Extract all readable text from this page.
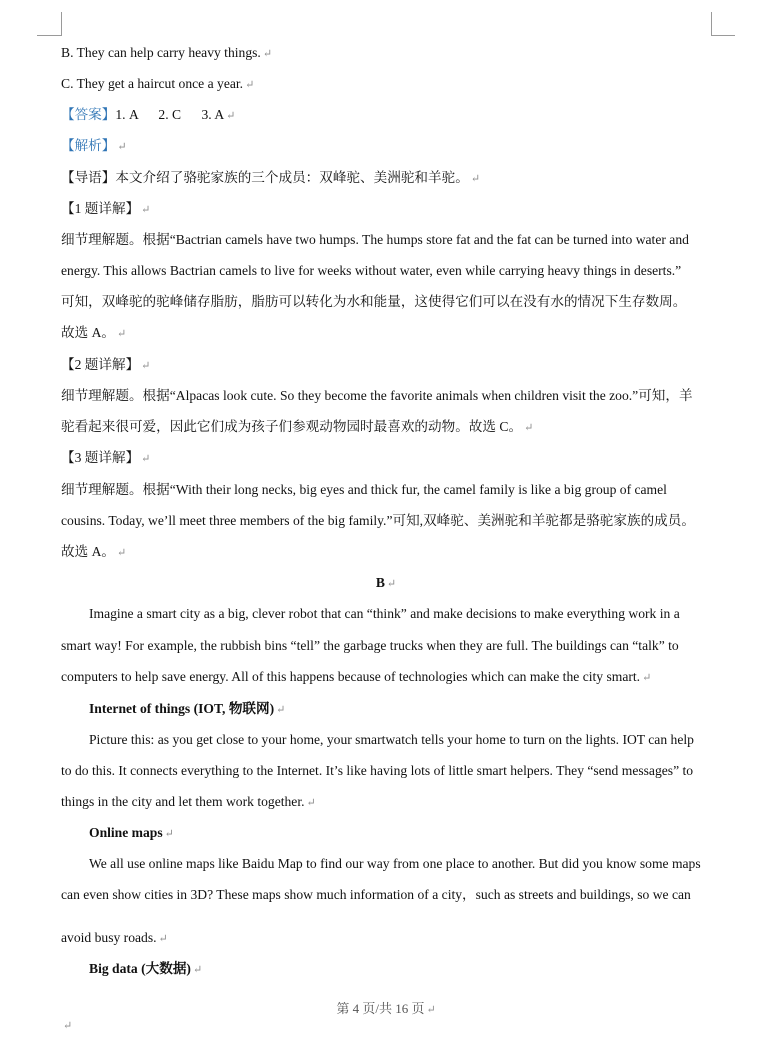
B. They can help carry heavy things. ↵
C. They get a haircut once a year. ↵
【答案】1. A      2. C      3. A ↵
【解析】 ↵
【导语】本文介绍了骆驼家族的三个成员：双峰驼、美洲驼和羊驼。 ↵
【1 题详解】 ↵
细节理解题。根据“Bactrian camels have two humps. The humps store fat and the fat can be turned into water and
energy. This allows Bactrian camels to live for weeks without water, even while carrying heavy things in deserts.”
可知，双峰驼的驼峰储存脂肪，脂肪可以转化为水和能量，这使得它们可以在没有水的情况下生存数周。
故选 A。 ↵
【2 题详解】 ↵
细节理解题。根据“Alpacas look cute. So they become the favorite animals when children visit the zoo.”可知，羊
驼看起来很可爱，因此它们成为孩子们参观动物园时最喜欢的动物。故选 C。 ↵
【3 题详解】 ↵
细节理解题。根据“With their long necks, big eyes and thick fur, the camel family is like a big group of camel
cousins. Today, we’ll meet three members of the big family.”可知,双峰驼、美洲驼和羊驼都是骆驼家族的成员。
故选 A。 ↵
B ↵
Imagine a smart city as a big, clever robot that can “think” and make decisions to make everything work in a
smart way! For example, the rubbish bins “tell” the garbage trucks when they are full. The buildings can “talk” to
computers to help save energy. All of this happens because of technologies which can make the city smart. ↵
Internet of things (IOT, 物联网) ↵
Picture this: as you get close to your home, your smartwatch tells your home to turn on the lights. IOT can help
to do this. It connects everything to the Internet. It’s like having lots of little smart helpers. They “send messages” to
things in the city and let them work together. ↵
Online maps ↵
We all use online maps like Baidu Map to find our way from one place to another. But did you know some maps
can even show cities in 3D? These maps show much information of a city，such as streets and buildings, so we can
avoid busy roads. ↵
Big data (大数据) ↵
第 4 页/共 16 页 ↵
↵
